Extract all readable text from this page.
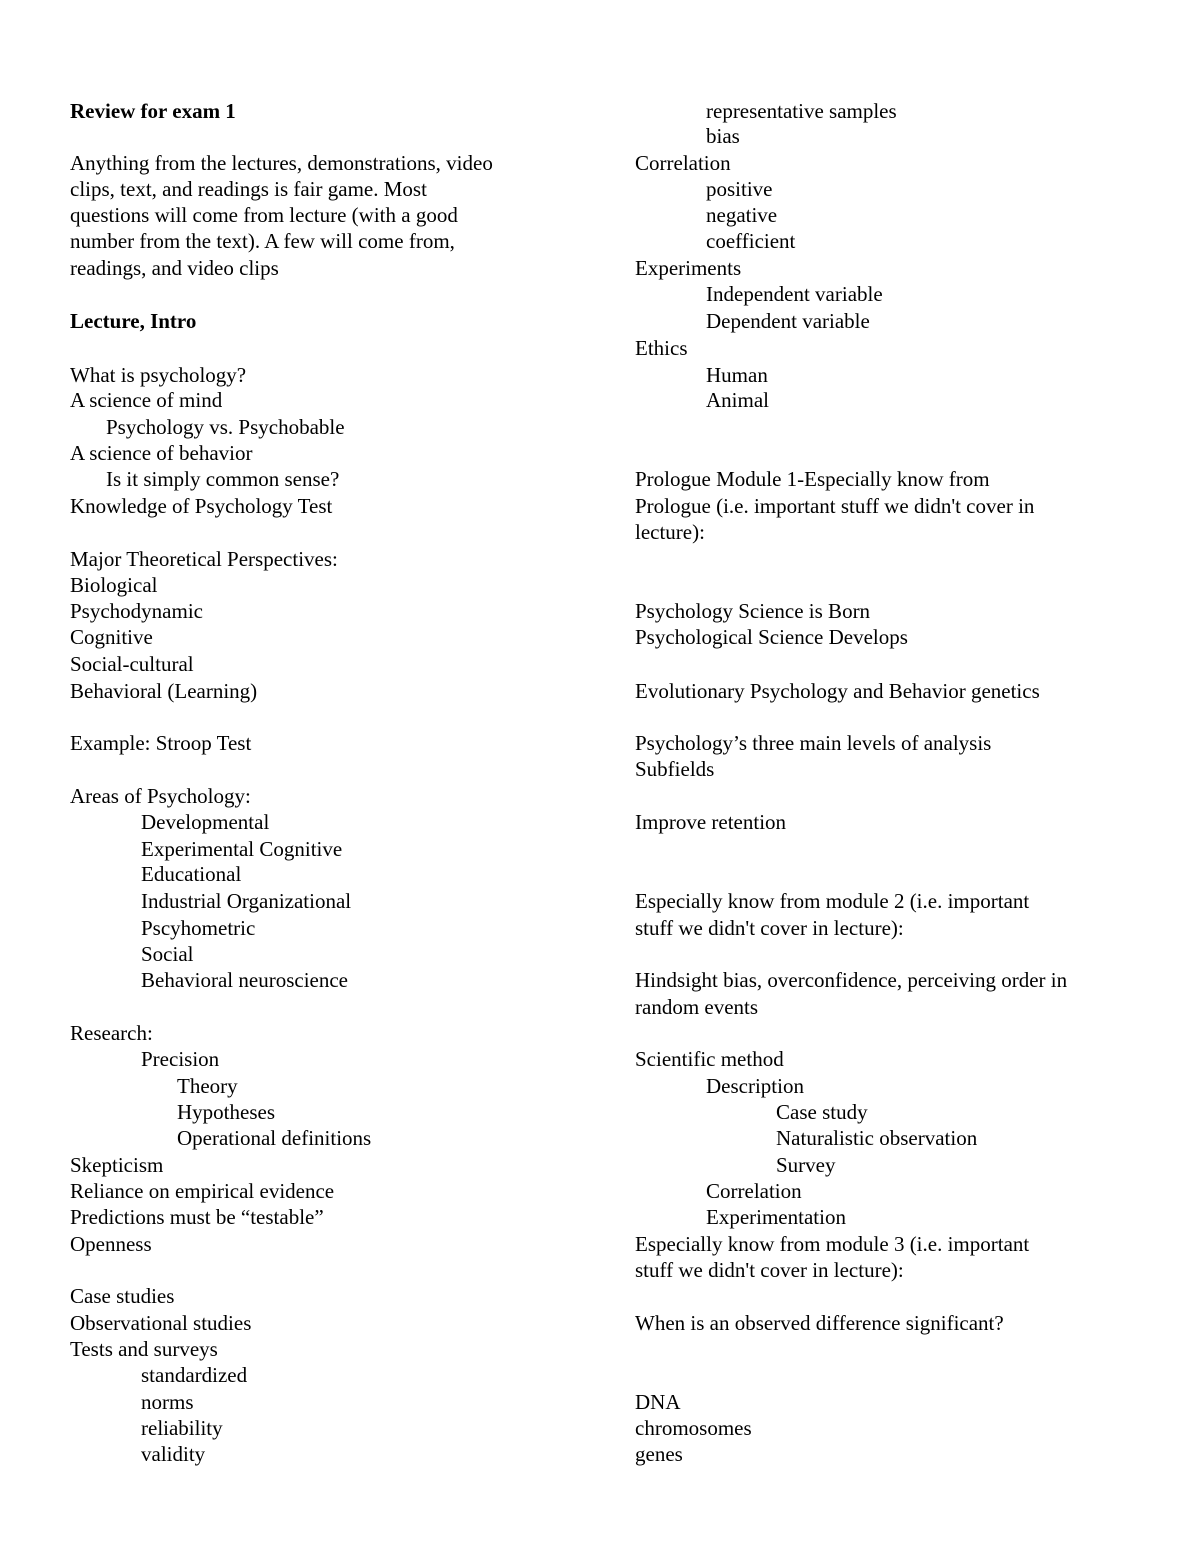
Review for exam 1
Anything from the lectures, demonstrations, video
clips, text, and readings is fair game. Most
questions will come from lecture (with a good
number from the text). A few will come from,
readings, and video clips
Lecture, Intro
What is psychology?
A science of mind
Psychology vs. Psychobable
A science of behavior
Is it simply common sense?
Knowledge of Psychology Test
Major Theoretical Perspectives:
Biological
Psychodynamic
Cognitive
Social-cultural
Behavioral (Learning)
Example: Stroop Test
Areas of Psychology:
Developmental
Experimental Cognitive
Educational
Industrial Organizational
Pscyhometric
Social
Behavioral neuroscience
Research:
Precision
Theory
Hypotheses
Operational definitions
Skepticism
Reliance on empirical evidence
Predictions must be “testable”
Openness
Case studies
Observational studies
Tests and surveys
standardized
norms
reliability
validity
representative samples
bias
Correlation
positive
negative
coefficient
Experiments
Independent variable
Dependent variable
Ethics
Human
Animal
Prologue Module 1-Especially know from
Prologue (i.e. important stuff we didn't cover in
lecture):
Psychology Science is Born
Psychological Science Develops
Evolutionary Psychology and Behavior genetics
Psychology’s three main levels of analysis
Subfields
Improve retention
Especially know from module 2 (i.e. important
stuff we didn't cover in lecture):
Hindsight bias, overconfidence, perceiving order in
random events
Scientific method
Description
Case study
Naturalistic observation
Survey
Correlation
Experimentation
Especially know from module 3 (i.e. important
stuff we didn't cover in lecture):
When is an observed difference significant?
DNA
chromosomes
genes
